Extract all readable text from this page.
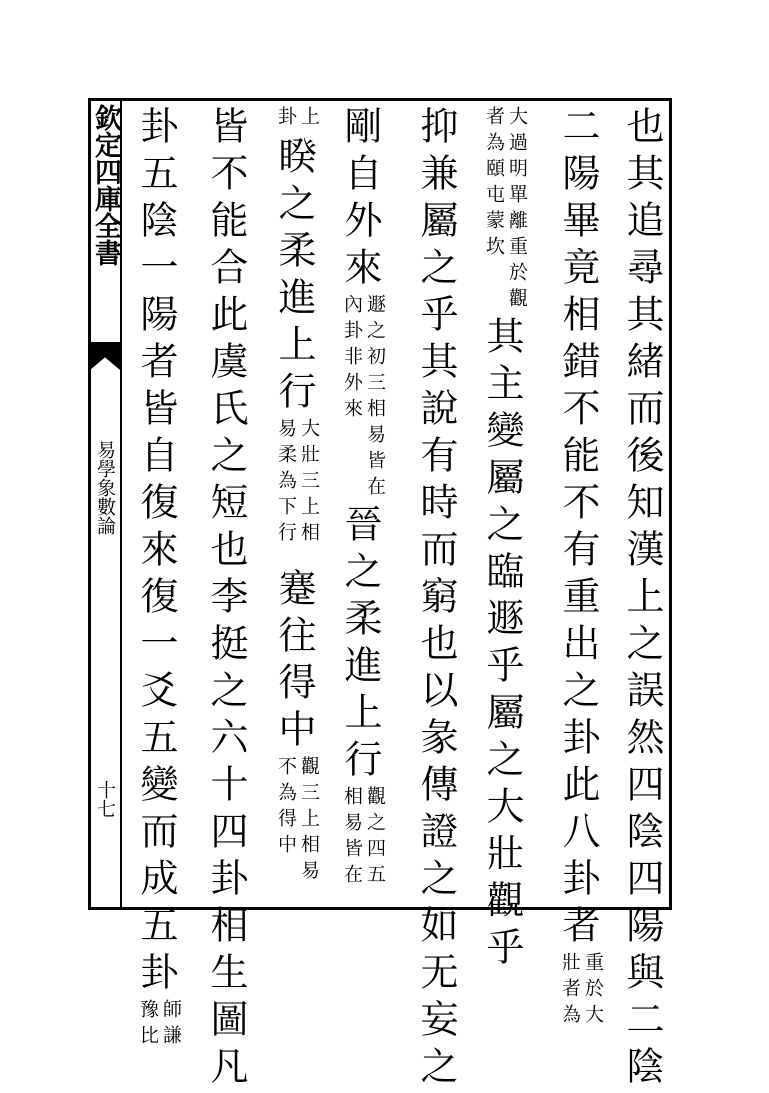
欽定四庫全書
易學象數論
十七	也其追尋其緒而後知漢上之誤然四陰四陽與二陰
二陽畢竟相錯不能不有重出之卦此八卦者重於大壯者為
大過明單離重於觀者為頤屯蒙坎其主變屬之臨遯乎屬之大壯觀乎
抑兼屬之乎其說有時而窮也以彖傳證之如无妄之
剛自外來遯之初三相易皆在內卦非外來晉之柔進上行觀之四五相易皆在
上卦睽之柔進上行大壯三上相易柔為下行蹇往得中觀三上相易不為得中
皆不能合此虞氏之短也李挺之六十四卦相生圖凡
卦五陰一陽者皆自復來復一爻五變而成五卦師謙豫比
